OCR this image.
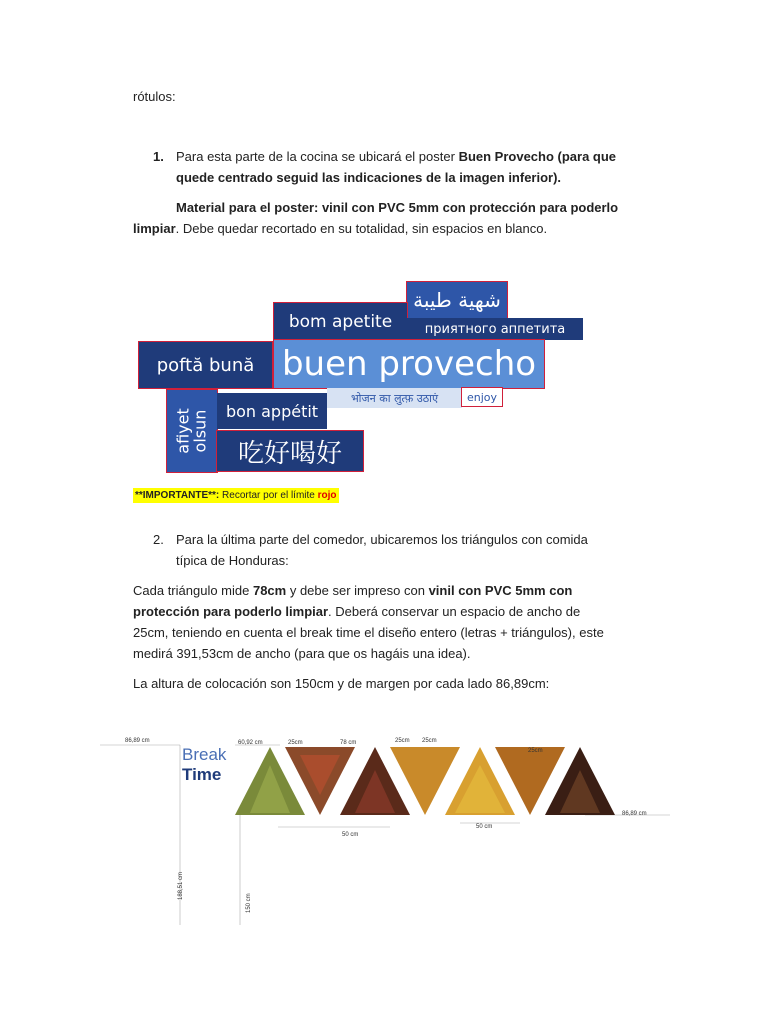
rótulos:
1. Para esta parte de la cocina se ubicará el poster Buen Provecho (para que
quede centrado seguid las indicaciones de la imagen inferior).
Material para el poster: vinil con PVC 5mm con protección para poderlo
limpiar. Debe quedar recortado en su totalidad, sin espacios en blanco.
شهية طيبة
bom apetite	приятного аппетита
poftă bună buen provecho
भोजन का लुत्फ़ उठाएं	enjoy
afiyet
olsun bon appétit
吃好喝好
**IMPORTANTE**: Recortar por el límite rojo
2. Para la última parte del comedor, ubicaremos los triángulos con comida
típica de Honduras:
Cada triángulo mide 78cm y debe ser impreso con vinil con PVC 5mm con
protección para poderlo limpiar. Deberá conservar un espacio de ancho de
25cm, teniendo en cuenta el break time el diseño entero (letras + triángulos), este
medirá 391,53cm de ancho (para que os hagáis una idea).
La altura de colocación son 150cm y de margen por cada lado 86,89cm:
Break
Time
86,89 cm	60,92 cm	25cm	78 cm	25cm 25cm
25cm
86,89 cm
50 cm
50 cm
188,51 cm
150 cm
